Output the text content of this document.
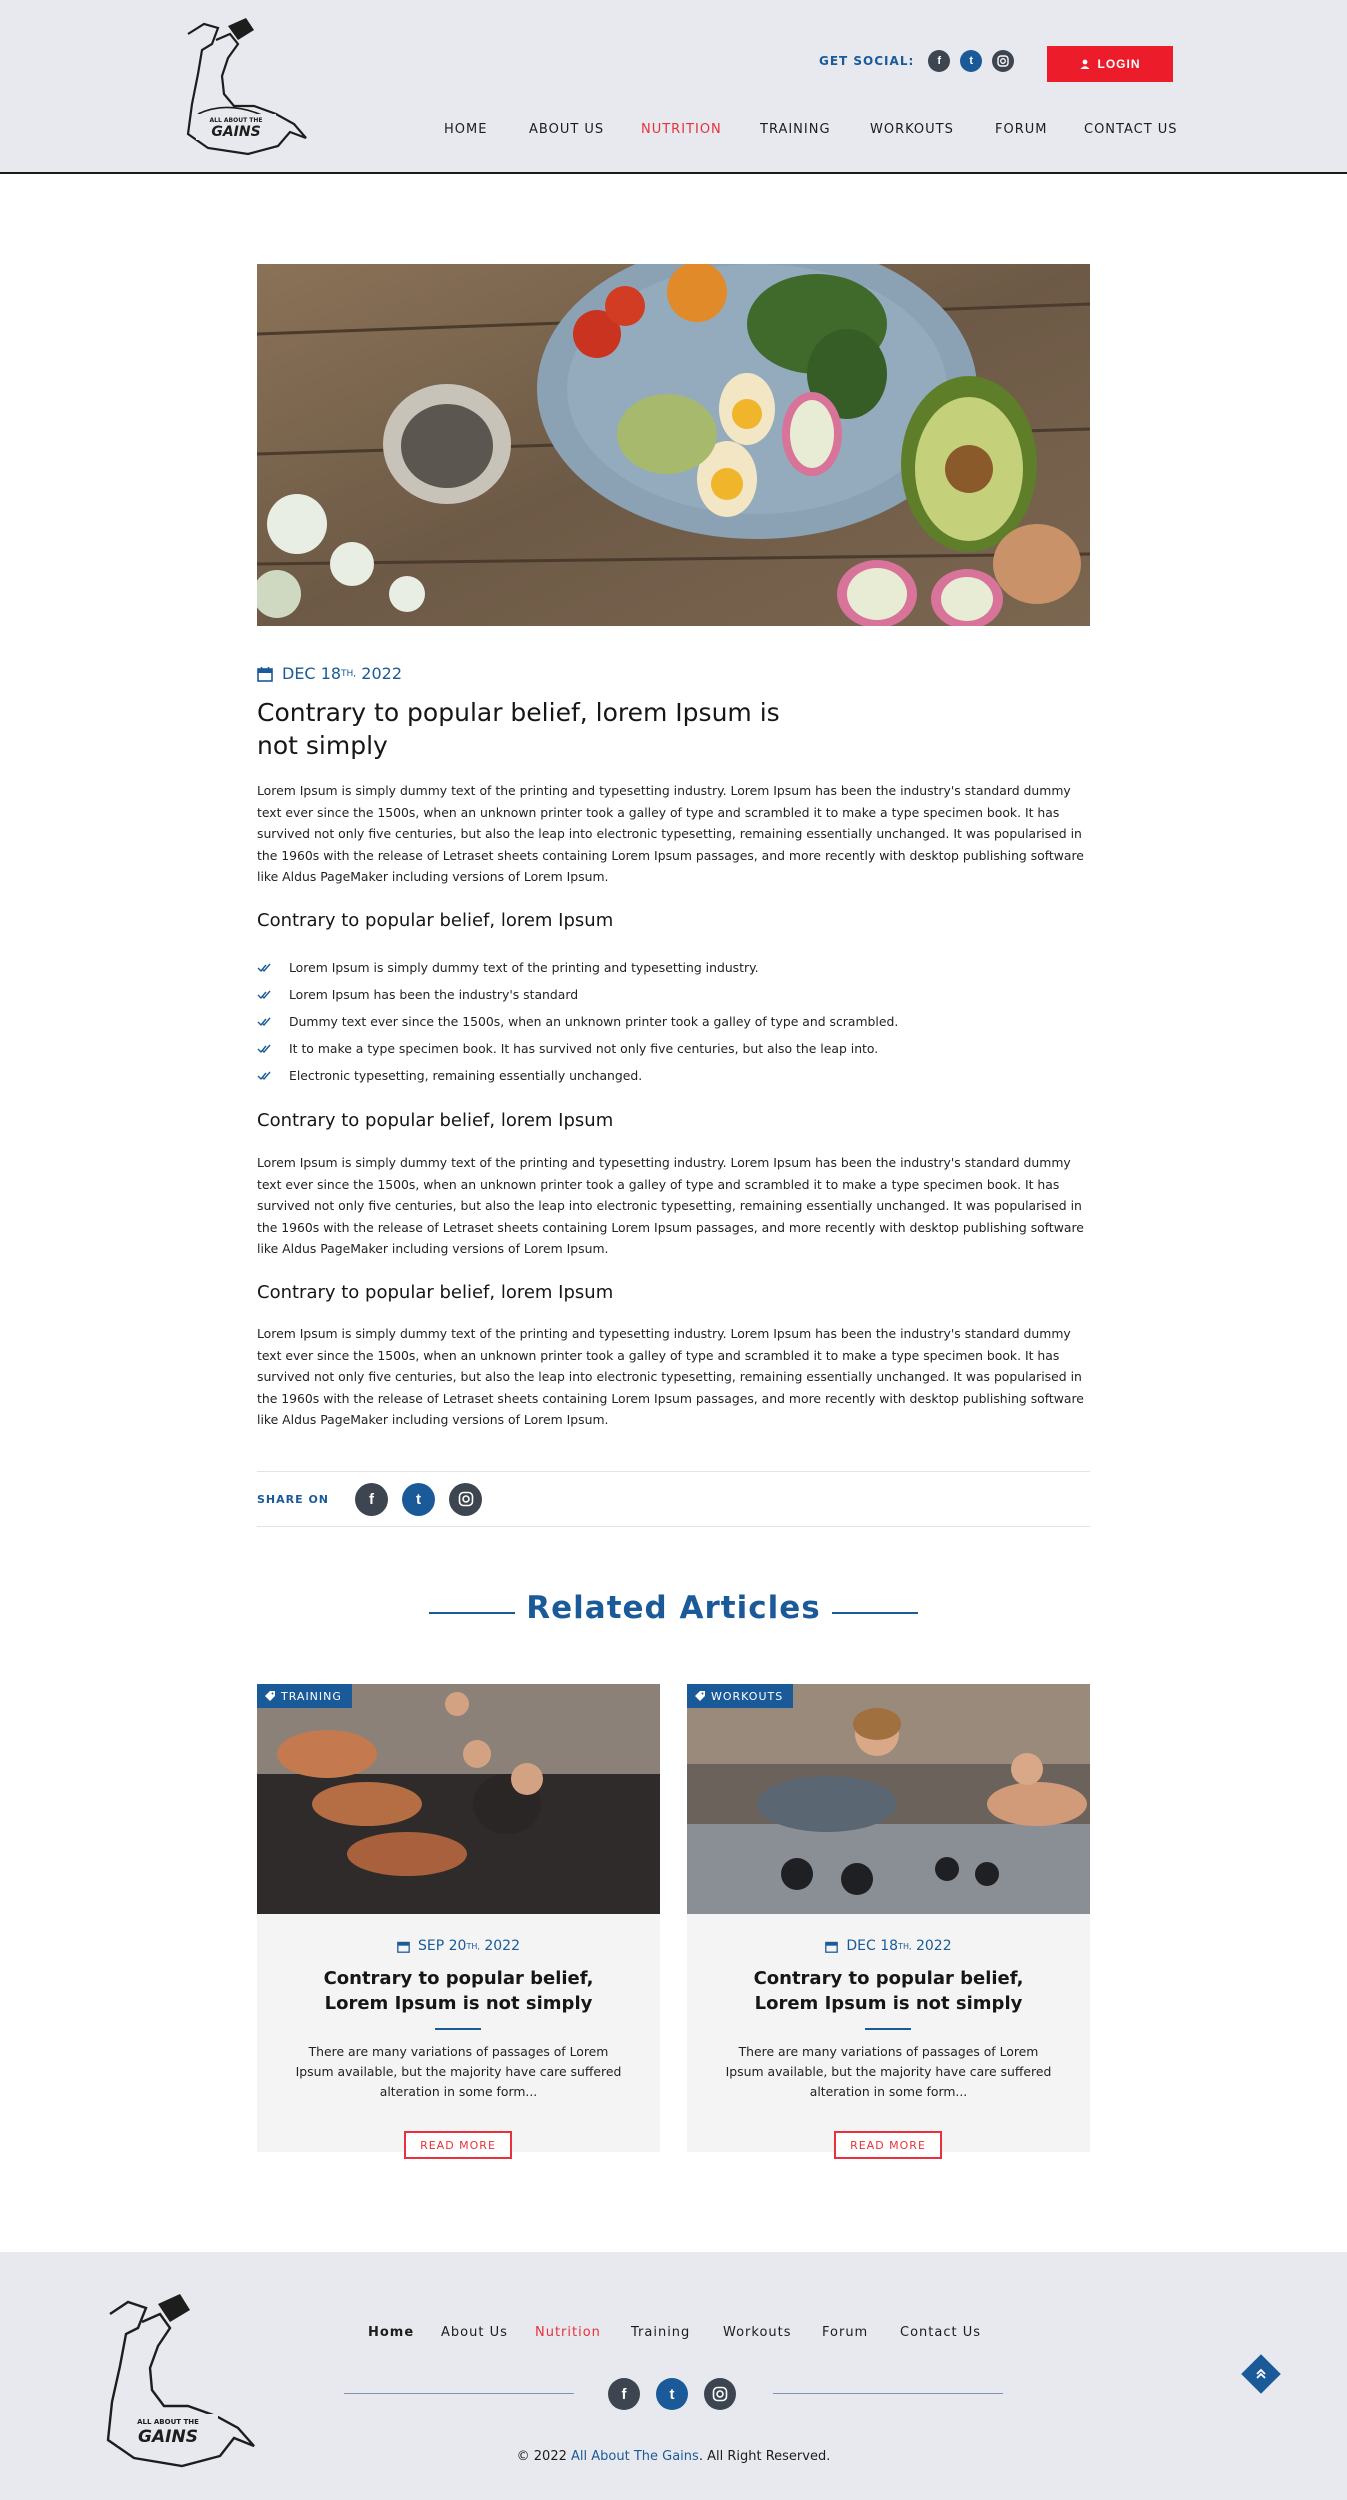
ALL ABOUT THE
GAINS
GET SOCIAL:	f	t	LOGIN
HOME	ABOUT US	NUTRITION	TRAINING	WORKOUTS	FORUM	CONTACT US
DEC 18 TH,
2022
Contrary to popular belief, lorem Ipsum is not simply

Lorem Ipsum is simply dummy text of the printing and typesetting industry. Lorem Ipsum has been the industry's standard dummy text ever since the 1500s, when an unknown printer took a galley of type and scrambled it to make a type specimen book. It has survived not only five centuries, but also the leap into electronic typesetting, remaining essentially unchanged. It was popularised in the 1960s with the release of Letraset sheets containing Lorem Ipsum passages, and more recently with desktop publishing software like Aldus PageMaker including versions of Lorem Ipsum.

Contrary to popular belief, lorem Ipsum
Lorem Ipsum is simply dummy text of the printing and typesetting industry.
Lorem Ipsum has been the industry's standard
Dummy text ever since the 1500s, when an unknown printer took a galley of type and scrambled.
It to make a type specimen book. It has survived not only five centuries, but also the leap into.
Electronic typesetting, remaining essentially unchanged.
Contrary to popular belief, lorem Ipsum

Lorem Ipsum is simply dummy text of the printing and typesetting industry. Lorem Ipsum has been the industry's standard dummy text ever since the 1500s, when an unknown printer took a galley of type and scrambled it to make a type specimen book. It has survived not only five centuries, but also the leap into electronic typesetting, remaining essentially unchanged. It was popularised in the 1960s with the release of Letraset sheets containing Lorem Ipsum passages, and more recently with desktop publishing software like Aldus PageMaker including versions of Lorem Ipsum.

Contrary to popular belief, lorem Ipsum

Lorem Ipsum is simply dummy text of the printing and typesetting industry. Lorem Ipsum has been the industry's standard dummy text ever since the 1500s, when an unknown printer took a galley of type and scrambled it to make a type specimen book. It has survived not only five centuries, but also the leap into electronic typesetting, remaining essentially unchanged. It was popularised in the 1960s with the release of Letraset sheets containing Lorem Ipsum passages, and more recently with desktop publishing software like Aldus PageMaker including versions of Lorem Ipsum.

SHARE ON	f	t
Related Articles
TRAINING
SEP 20 TH,
2022
Contrary to popular belief, Lorem Ipsum is not simply

There are many variations of passages of Lorem Ipsum available, but the majority have care suffered alteration in some form...

READ MORE
WORKOUTS
DEC 18 TH,
2022
Contrary to popular belief, Lorem Ipsum is not simply

There are many variations of passages of Lorem Ipsum available, but the majority have care suffered alteration in some form...

READ MORE
ALL ABOUT THE
GAINS
Home About Us Nutrition Training	Workouts Forum Contact Us
f	t

© 2022 All About The Gains. All Right Reserved.
